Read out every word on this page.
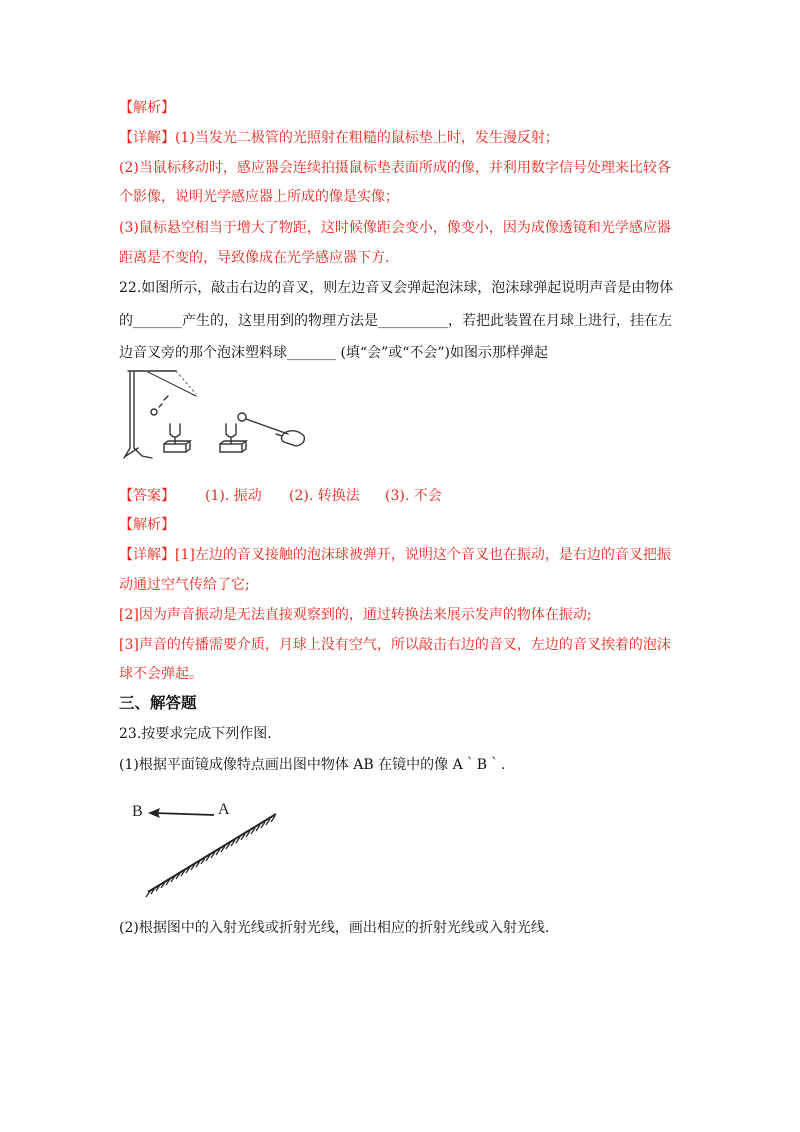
【解析】
【详解】(1)当发光二极管的光照射在粗糙的鼠标垫上时，发生漫反射；
(2)当鼠标移动时，感应器会连续拍摄鼠标垫表面所成的像，并利用数字信号处理来比较各
个影像，说明光学感应器上所成的像是实像；
(3)鼠标悬空相当于增大了物距，这时候像距会变小，像变小，因为成像透镜和光学感应器
距离是不变的，导致像成在光学感应器下方.
22.如图所示，敲击右边的音叉，则左边音叉会弹起泡沫球，泡沫球弹起说明声音是由物体
的_______产生的，这里用到的物理方法是__________，若把此装置在月球上进行，挂在左
边音叉旁的那个泡沫塑料球_______ (填“会”或“不会”)如图示那样弹起
【答案】 (1). 振动 (2). 转换法 (3). 不会
【解析】
【详解】[1]左边的音叉接触的泡沫球被弹开，说明这个音叉也在振动，是右边的音叉把振
动通过空气传给了它;
[2]因为声音振动是无法直接观察到的，通过转换法来展示发声的物体在振动;
[3]声音的传播需要介质，月球上没有空气，所以敲击右边的音叉，左边的音叉挨着的泡沫
球不会弹起。
三、解答题
23.按要求完成下列作图.
(1)根据平面镜成像特点画出图中物体 AB 在镜中的像 A｀B｀.
B	A
(2)根据图中的入射光线或折射光线，画出相应的折射光线或入射光线.
